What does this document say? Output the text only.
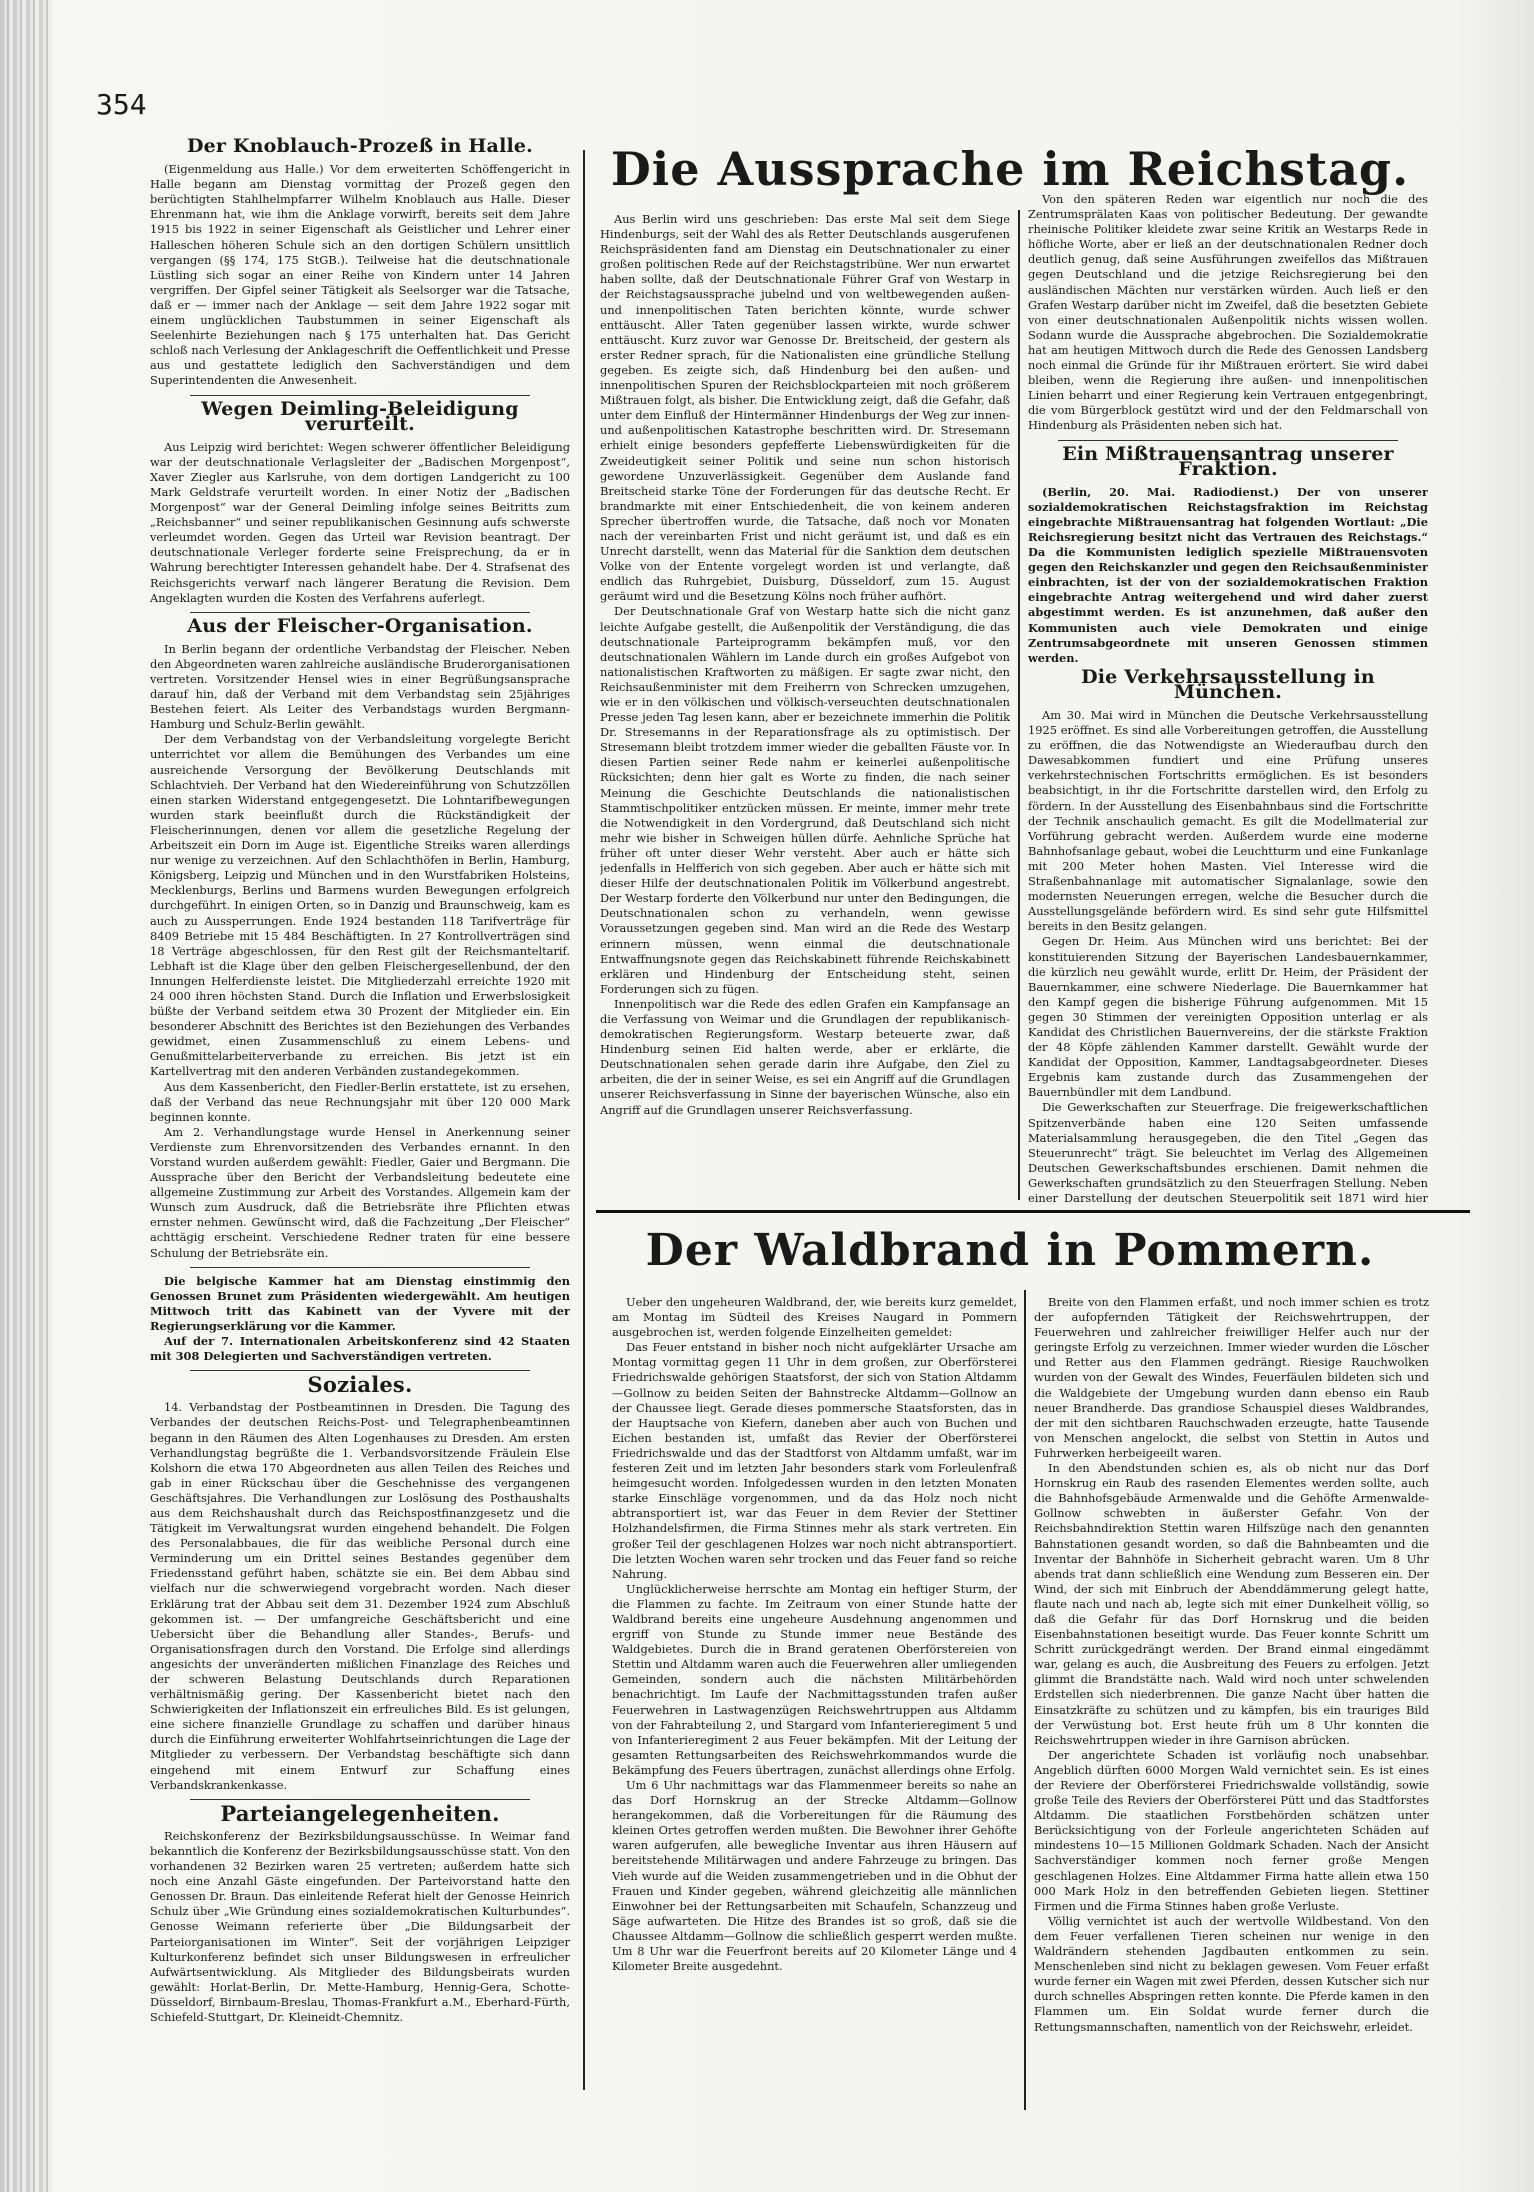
354
Der Knoblauch-Prozeß in Halle.

(Eigenmeldung aus Halle.) Vor dem erweiterten Schöffengericht in Halle begann am Dienstag vormittag der Prozeß gegen den berüchtigten Stahlhelmpfarrer Wilhelm Knoblauch aus Halle. Dieser Ehrenmann hat, wie ihm die Anklage vorwirft, bereits seit dem Jahre 1915 bis 1922 in seiner Eigenschaft als Geistlicher und Lehrer einer Halleschen höheren Schule sich an den dortigen Schülern unsittlich vergangen (§§ 174, 175 StGB.). Teilweise hat die deutschnationale Lüstling sich sogar an einer Reihe von Kindern unter 14 Jahren vergriffen. Der Gipfel seiner Tätigkeit als Seelsorger war die Tatsache, daß er — immer nach der Anklage — seit dem Jahre 1922 sogar mit einem unglücklichen Taubstummen in seiner Eigenschaft als Seelenhirte Beziehungen nach § 175 unterhalten hat. Das Gericht schloß nach Verlesung der Anklageschrift die Oeffentlichkeit und Presse aus und gestattete lediglich den Sachverständigen und dem Superintendenten die Anwesenheit.

Wegen Deimling-Beleidigung verurteilt.

Aus Leipzig wird berichtet: Wegen schwerer öffentlicher Beleidigung war der deutschnationale Verlagsleiter der „Badischen Morgenpost“, Xaver Ziegler aus Karlsruhe, von dem dortigen Landgericht zu 100 Mark Geldstrafe verurteilt worden. In einer Notiz der „Badischen Morgenpost“ war der General Deimling infolge seines Beitritts zum „Reichsbanner“ und seiner republikanischen Gesinnung aufs schwerste verleumdet worden. Gegen das Urteil war Revision beantragt. Der deutschnationale Verleger forderte seine Freisprechung, da er in Wahrung berechtigter Interessen gehandelt habe. Der 4. Strafsenat des Reichsgerichts verwarf nach längerer Beratung die Revision. Dem Angeklagten wurden die Kosten des Verfahrens auferlegt.

Aus der Fleischer-Organisation.

In Berlin begann der ordentliche Verbandstag der Fleischer. Neben den Abgeordneten waren zahlreiche ausländische Bruderorganisationen vertreten. Vorsitzender Hensel wies in einer Begrüßungsansprache darauf hin, daß der Verband mit dem Verbandstag sein 25jähriges Bestehen feiert. Als Leiter des Verbandstags wurden Bergmann-Hamburg und Schulz-Berlin gewählt.

Der dem Verbandstag von der Verbandsleitung vorgelegte Bericht unterrichtet vor allem die Bemühungen des Verbandes um eine ausreichende Versorgung der Bevölkerung Deutschlands mit Schlachtvieh. Der Verband hat den Wiedereinführung von Schutzzöllen einen starken Widerstand entgegengesetzt. Die Lohntarifbewegungen wurden stark beeinflußt durch die Rückständigkeit der Fleischerinnungen, denen vor allem die gesetzliche Regelung der Arbeitszeit ein Dorn im Auge ist. Eigentliche Streiks waren allerdings nur wenige zu verzeichnen. Auf den Schlachthöfen in Berlin, Hamburg, Königsberg, Leipzig und München und in den Wurstfabriken Holsteins, Mecklenburgs, Berlins und Barmens wurden Bewegungen erfolgreich durchgeführt. In einigen Orten, so in Danzig und Braunschweig, kam es auch zu Aussperrungen. Ende 1924 bestanden 118 Tarifverträge für 8409 Betriebe mit 15 484 Beschäftigten. In 27 Kontrollverträgen sind 18 Verträge abgeschlossen, für den Rest gilt der Reichsmanteltarif. Lebhaft ist die Klage über den gelben Fleischergesellenbund, der den Innungen Helferdienste leistet. Die Mitgliederzahl erreichte 1920 mit 24 000 ihren höchsten Stand. Durch die Inflation und Erwerbslosigkeit büßte der Verband seitdem etwa 30 Prozent der Mitglieder ein. Ein besonderer Abschnitt des Berichtes ist den Beziehungen des Verbandes gewidmet, einen Zusammenschluß zu einem Lebens- und Genußmittelarbeiterverbande zu erreichen. Bis jetzt ist ein Kartellvertrag mit den anderen Verbänden zustandegekommen.

Aus dem Kassenbericht, den Fiedler-Berlin erstattete, ist zu ersehen, daß der Verband das neue Rechnungsjahr mit über 120 000 Mark beginnen konnte.

Am 2. Verhandlungstage wurde Hensel in Anerkennung seiner Verdienste zum Ehrenvorsitzenden des Verbandes ernannt. In den Vorstand wurden außerdem gewählt: Fiedler, Gaier und Bergmann. Die Aussprache über den Bericht der Verbandsleitung bedeutete eine allgemeine Zustimmung zur Arbeit des Vorstandes. Allgemein kam der Wunsch zum Ausdruck, daß die Betriebsräte ihre Pflichten etwas ernster nehmen. Gewünscht wird, daß die Fachzeitung „Der Fleischer“ achttägig erscheint. Verschiedene Redner traten für eine bessere Schulung der Betriebsräte ein.

Die belgische Kammer hat am Dienstag einstimmig den Genossen Brunet zum Präsidenten wiedergewählt. Am heutigen Mittwoch tritt das Kabinett van der Vyvere mit der Regierungserklärung vor die Kammer.

Auf der 7. Internationalen Arbeitskonferenz sind 42 Staaten mit 308 Delegierten und Sachverständigen vertreten.

Soziales.

14. Verbandstag der Postbeamtinnen in Dresden. Die Tagung des Verbandes der deutschen Reichs-Post- und Telegraphenbeamtinnen begann in den Räumen des Alten Logenhauses zu Dresden. Am ersten Verhandlungstag begrüßte die 1. Verbandsvorsitzende Fräulein Else Kolshorn die etwa 170 Abgeordneten aus allen Teilen des Reiches und gab in einer Rückschau über die Geschehnisse des vergangenen Geschäftsjahres. Die Verhandlungen zur Loslösung des Posthaushalts aus dem Reichshaushalt durch das Reichspostfinanzgesetz und die Tätigkeit im Verwaltungsrat wurden eingehend behandelt. Die Folgen des Personalabbaues, die für das weibliche Personal durch eine Verminderung um ein Drittel seines Bestandes gegenüber dem Friedensstand geführt haben, schätzte sie ein. Bei dem Abbau sind vielfach nur die schwerwiegend vorgebracht worden. Nach dieser Erklärung trat der Abbau seit dem 31. Dezember 1924 zum Abschluß gekommen ist. — Der umfangreiche Geschäftsbericht und eine Uebersicht über die Behandlung aller Standes-, Berufs- und Organisationsfragen durch den Vorstand. Die Erfolge sind allerdings angesichts der unveränderten mißlichen Finanzlage des Reiches und der schweren Belastung Deutschlands durch Reparationen verhältnismäßig gering. Der Kassenbericht bietet nach den Schwierigkeiten der Inflationszeit ein erfreuliches Bild. Es ist gelungen, eine sichere finanzielle Grundlage zu schaffen und darüber hinaus durch die Einführung erweiterter Wohlfahrtseinrichtungen die Lage der Mitglieder zu verbessern. Der Verbandstag beschäftigte sich dann eingehend mit einem Entwurf zur Schaffung eines Verbandskrankenkasse.

Parteiangelegenheiten.

Reichskonferenz der Bezirksbildungsausschüsse. In Weimar fand bekanntlich die Konferenz der Bezirksbildungsausschüsse statt. Von den vorhandenen 32 Bezirken waren 25 vertreten; außerdem hatte sich noch eine Anzahl Gäste eingefunden. Der Parteivorstand hatte den Genossen Dr. Braun. Das einleitende Referat hielt der Genosse Heinrich Schulz über „Wie Gründung eines sozialdemokratischen Kulturbundes“. Genosse Weimann referierte über „Die Bildungsarbeit der Parteiorganisationen im Winter“. Seit der vorjährigen Leipziger Kulturkonferenz befindet sich unser Bildungswesen in erfreulicher Aufwärtsentwicklung. Als Mitglieder des Bildungsbeirats wurden gewählt: Horlat-Berlin, Dr. Mette-Hamburg, Hennig-Gera, Schotte-Düsseldorf, Birnbaum-Breslau, Thomas-Frankfurt a.M., Eberhard-Fürth, Schiefeld-Stuttgart, Dr. Kleineidt-Chemnitz.

Die Aussprache im Reichstag.

Aus Berlin wird uns geschrieben: Das erste Mal seit dem Siege Hindenburgs, seit der Wahl des als Retter Deutschlands ausgerufenen Reichspräsidenten fand am Dienstag ein Deutschnationaler zu einer großen politischen Rede auf der Reichstagstribüne. Wer nun erwartet haben sollte, daß der Deutschnationale Führer Graf von Westarp in der Reichstagsaussprache jubelnd und von weltbewegenden außen- und innenpolitischen Taten berichten könnte, wurde schwer enttäuscht. Aller Taten gegenüber lassen wirkte, wurde schwer enttäuscht. Kurz zuvor war Genosse Dr. Breitscheid, der gestern als erster Redner sprach, für die Nationalisten eine gründliche Stellung gegeben. Es zeigte sich, daß Hindenburg bei den außen- und innenpolitischen Spuren der Reichsblockparteien mit noch größerem Mißtrauen folgt, als bisher. Die Entwicklung zeigt, daß die Gefahr, daß unter dem Einfluß der Hintermänner Hindenburgs der Weg zur innen- und außenpolitischen Katastrophe beschritten wird. Dr. Stresemann erhielt einige besonders gepfefferte Liebenswürdigkeiten für die Zweideutigkeit seiner Politik und seine nun schon historisch gewordene Unzuverlässigkeit. Gegenüber dem Auslande fand Breitscheid starke Töne der Forderungen für das deutsche Recht. Er brandmarkte mit einer Entschiedenheit, die von keinem anderen Sprecher übertroffen wurde, die Tatsache, daß noch vor Monaten nach der vereinbarten Frist und nicht geräumt ist, und daß es ein Unrecht darstellt, wenn das Material für die Sanktion dem deutschen Volke von der Entente vorgelegt worden ist und verlangte, daß endlich das Ruhrgebiet, Duisburg, Düsseldorf, zum 15. August geräumt wird und die Besetzung Kölns noch früher aufhört.

Der Deutschnationale Graf von Westarp hatte sich die nicht ganz leichte Aufgabe gestellt, die Außenpolitik der Verständigung, die das deutschnationale Parteiprogramm bekämpfen muß, vor den deutschnationalen Wählern im Lande durch ein großes Aufgebot von nationalistischen Kraftworten zu mäßigen. Er sagte zwar nicht, den Reichsaußenminister mit dem Freiherrn von Schrecken umzugehen, wie er in den völkischen und völkisch-verseuchten deutschnationalen Presse jeden Tag lesen kann, aber er bezeichnete immerhin die Politik Dr. Stresemanns in der Reparationsfrage als zu optimistisch. Der Stresemann bleibt trotzdem immer wieder die geballten Fäuste vor. In diesen Partien seiner Rede nahm er keinerlei außenpolitische Rücksichten; denn hier galt es Worte zu finden, die nach seiner Meinung die Geschichte Deutschlands die nationalistischen Stammtischpolitiker entzücken müssen. Er meinte, immer mehr trete die Notwendigkeit in den Vordergrund, daß Deutschland sich nicht mehr wie bisher in Schweigen hüllen dürfe. Aehnliche Sprüche hat früher oft unter dieser Wehr versteht. Aber auch er hätte sich jedenfalls in Helfferich von sich gegeben. Aber auch er hätte sich mit dieser Hilfe der deutschnationalen Politik im Völkerbund angestrebt. Der Westarp forderte den Völkerbund nur unter den Bedingungen, die Deutschnationalen schon zu verhandeln, wenn gewisse Voraussetzungen gegeben sind. Man wird an die Rede des Westarp erinnern müssen, wenn einmal die deutschnationale Entwaffnungsnote gegen das Reichskabinett führende Reichskabinett erklären und Hindenburg der Entscheidung steht, seinen Forderungen sich zu fügen.

Innenpolitisch war die Rede des edlen Grafen ein Kampfansage an die Verfassung von Weimar und die Grundlagen der republikanisch-demokratischen Regierungsform. Westarp beteuerte zwar, daß Hindenburg seinen Eid halten werde, aber er erklärte, die Deutschnationalen sehen gerade darin ihre Aufgabe, den Ziel zu arbeiten, die der in seiner Weise, es sei ein Angriff auf die Grundlagen unserer Reichsverfassung in Sinne der bayerischen Wünsche, also ein Angriff auf die Grundlagen unserer Reichsverfassung.

Von den späteren Reden war eigentlich nur noch die des Zentrumsprälaten Kaas von politischer Bedeutung. Der gewandte rheinische Politiker kleidete zwar seine Kritik an Westarps Rede in höfliche Worte, aber er ließ an der deutschnationalen Redner doch deutlich genug, daß seine Ausführungen zweifellos das Mißtrauen gegen Deutschland und die jetzige Reichsregierung bei den ausländischen Mächten nur verstärken würden. Auch ließ er den Grafen Westarp darüber nicht im Zweifel, daß die besetzten Gebiete von einer deutschnationalen Außenpolitik nichts wissen wollen. Sodann wurde die Aussprache abgebrochen. Die Sozialdemokratie hat am heutigen Mittwoch durch die Rede des Genossen Landsberg noch einmal die Gründe für ihr Mißtrauen erörtert. Sie wird dabei bleiben, wenn die Regierung ihre außen- und innenpolitischen Linien beharrt und einer Regierung kein Vertrauen entgegenbringt, die vom Bürgerblock gestützt wird und der den Feldmarschall von Hindenburg als Präsidenten neben sich hat.

Ein Mißtrauensantrag unserer Fraktion.

(Berlin, 20. Mai. Radiodienst.) Der von unserer sozialdemokratischen Reichstagsfraktion im Reichstag eingebrachte Mißtrauensantrag hat folgenden Wortlaut: „Die Reichsregierung besitzt nicht das Vertrauen des Reichstags.“ Da die Kommunisten lediglich spezielle Mißtrauensvoten gegen den Reichskanzler und gegen den Reichsaußenminister einbrachten, ist der von der sozialdemokratischen Fraktion eingebrachte Antrag weitergehend und wird daher zuerst abgestimmt werden. Es ist anzunehmen, daß außer den Kommunisten auch viele Demokraten und einige Zentrumsabgeordnete mit unseren Genossen stimmen werden.

Die Verkehrsausstellung in München.

Am 30. Mai wird in München die Deutsche Verkehrsausstellung 1925 eröffnet. Es sind alle Vorbereitungen getroffen, die Ausstellung zu eröffnen, die das Notwendigste an Wiederaufbau durch den Dawesabkommen fundiert und eine Prüfung unseres verkehrstechnischen Fortschritts ermöglichen. Es ist besonders beabsichtigt, in ihr die Fortschritte darstellen wird, den Erfolg zu fördern. In der Ausstellung des Eisenbahnbaus sind die Fortschritte der Technik anschaulich gemacht. Es gilt die Modellmaterial zur Vorführung gebracht werden. Außerdem wurde eine moderne Bahnhofsanlage gebaut, wobei die Leuchtturm und eine Funkanlage mit 200 Meter hohen Masten. Viel Interesse wird die Straßenbahnanlage mit automatischer Signalanlage, sowie den modernsten Neuerungen erregen, welche die Besucher durch die Ausstellungsgelände befördern wird. Es sind sehr gute Hilfsmittel bereits in den Besitz gelangen.

Gegen Dr. Heim. Aus München wird uns berichtet: Bei der konstituierenden Sitzung der Bayerischen Landesbauernkammer, die kürzlich neu gewählt wurde, erlitt Dr. Heim, der Präsident der Bauernkammer, eine schwere Niederlage. Die Bauernkammer hat den Kampf gegen die bisherige Führung aufgenommen. Mit 15 gegen 30 Stimmen der vereinigten Opposition unterlag er als Kandidat des Christlichen Bauernvereins, der die stärkste Fraktion der 48 Köpfe zählenden Kammer darstellt. Gewählt wurde der Kandidat der Opposition, Kammer, Landtagsabgeordneter. Dieses Ergebnis kam zustande durch das Zusammengehen der Bauernbündler mit dem Landbund.

Die Gewerkschaften zur Steuerfrage. Die freigewerkschaftlichen Spitzenverbände haben eine 120 Seiten umfassende Materialsammlung herausgegeben, die den Titel „Gegen das Steuerunrecht“ trägt. Sie beleuchtet im Verlag des Allgemeinen Deutschen Gewerkschaftsbundes erschienen. Damit nehmen die Gewerkschaften grundsätzlich zu den Steuerfragen Stellung. Neben einer Darstellung der deutschen Steuerpolitik seit 1871 wird hier

Der Waldbrand in Pommern.

Ueber den ungeheuren Waldbrand, der, wie bereits kurz gemeldet, am Montag im Südteil des Kreises Naugard in Pommern ausgebrochen ist, werden folgende Einzelheiten gemeldet:

Das Feuer entstand in bisher noch nicht aufgeklärter Ursache am Montag vormittag gegen 11 Uhr in dem großen, zur Oberförsterei Friedrichswalde gehörigen Staatsforst, der sich von Station Altdamm—Gollnow zu beiden Seiten der Bahnstrecke Altdamm—Gollnow an der Chaussee liegt. Gerade dieses pommersche Staatsforsten, das in der Hauptsache von Kiefern, daneben aber auch von Buchen und Eichen bestanden ist, umfaßt das Revier der Oberförsterei Friedrichswalde und das der Stadtforst von Altdamm umfaßt, war im festeren Zeit und im letzten Jahr besonders stark vom Forleulenfraß heimgesucht worden. Infolgedessen wurden in den letzten Monaten starke Einschläge vorgenommen, und da das Holz noch nicht abtransportiert ist, war das Feuer in dem Revier der Stettiner Holzhandelsfirmen, die Firma Stinnes mehr als stark vertreten. Ein großer Teil der geschlagenen Holzes war noch nicht abtransportiert. Die letzten Wochen waren sehr trocken und das Feuer fand so reiche Nahrung.

Unglücklicherweise herrschte am Montag ein heftiger Sturm, der die Flammen zu fachte. Im Zeitraum von einer Stunde hatte der Waldbrand bereits eine ungeheure Ausdehnung angenommen und ergriff von Stunde zu Stunde immer neue Bestände des Waldgebietes. Durch die in Brand geratenen Oberförstereien von Stettin und Altdamm waren auch die Feuerwehren aller umliegenden Gemeinden, sondern auch die nächsten Militärbehörden benachrichtigt. Im Laufe der Nachmittagsstunden trafen außer Feuerwehren in Lastwagenzügen Reichswehrtruppen aus Altdamm von der Fahrabteilung 2, und Stargard vom Infanterieregiment 5 und von Infanterieregiment 2 aus Feuer bekämpfen. Mit der Leitung der gesamten Rettungsarbeiten des Reichswehrkommandos wurde die Bekämpfung des Feuers übertragen, zunächst allerdings ohne Erfolg.

Um 6 Uhr nachmittags war das Flammenmeer bereits so nahe an das Dorf Hornskrug an der Strecke Altdamm—Gollnow herangekommen, daß die Vorbereitungen für die Räumung des kleinen Ortes getroffen werden mußten. Die Bewohner ihrer Gehöfte waren aufgerufen, alle bewegliche Inventar aus ihren Häusern auf bereitstehende Militärwagen und andere Fahrzeuge zu bringen. Das Vieh wurde auf die Weiden zusammengetrieben und in die Obhut der Frauen und Kinder gegeben, während gleichzeitig alle männlichen Einwohner bei der Rettungsarbeiten mit Schaufeln, Schanzzeug und Säge aufwarteten. Die Hitze des Brandes ist so groß, daß sie die Chaussee Altdamm—Gollnow die schließlich gesperrt werden mußte. Um 8 Uhr war die Feuerfront bereits auf 20 Kilometer Länge und 4 Kilometer Breite ausgedehnt.

Breite von den Flammen erfaßt, und noch immer schien es trotz der aufopfernden Tätigkeit der Reichswehrtruppen, der Feuerwehren und zahlreicher freiwilliger Helfer auch nur der geringste Erfolg zu verzeichnen. Immer wieder wurden die Löscher und Retter aus den Flammen gedrängt. Riesige Rauchwolken wurden von der Gewalt des Windes, Feuerfäulen bildeten sich und die Waldgebiete der Umgebung wurden dann ebenso ein Raub neuer Brandherde. Das grandiose Schauspiel dieses Waldbrandes, der mit den sichtbaren Rauchschwaden erzeugte, hatte Tausende von Menschen angelockt, die selbst von Stettin in Autos und Fuhrwerken herbeigeeilt waren.

In den Abendstunden schien es, als ob nicht nur das Dorf Hornskrug ein Raub des rasenden Elementes werden sollte, auch die Bahnhofsgebäude Armenwalde und die Gehöfte Armenwalde-Gollnow schwebten in äußerster Gefahr. Von der Reichsbahndirektion Stettin waren Hilfszüge nach den genannten Bahnstationen gesandt worden, so daß die Bahnbeamten und die Inventar der Bahnhöfe in Sicherheit gebracht waren. Um 8 Uhr abends trat dann schließlich eine Wendung zum Besseren ein. Der Wind, der sich mit Einbruch der Abenddämmerung gelegt hatte, flaute nach und nach ab, legte sich mit einer Dunkelheit völlig, so daß die Gefahr für das Dorf Hornskrug und die beiden Eisenbahnstationen beseitigt wurde. Das Feuer konnte Schritt um Schritt zurückgedrängt werden. Der Brand einmal eingedämmt war, gelang es auch, die Ausbreitung des Feuers zu erfolgen. Jetzt glimmt die Brandstätte nach. Wald wird noch unter schwelenden Erdstellen sich niederbrennen. Die ganze Nacht über hatten die Einsatzkräfte zu schützen und zu kämpfen, bis ein trauriges Bild der Verwüstung bot. Erst heute früh um 8 Uhr konnten die Reichswehrtruppen wieder in ihre Garnison abrücken.

Der angerichtete Schaden ist vorläufig noch unabsehbar. Angeblich dürften 6000 Morgen Wald vernichtet sein. Es ist eines der Reviere der Oberförsterei Friedrichswalde vollständig, sowie große Teile des Reviers der Oberförsterei Pütt und das Stadtforstes Altdamm. Die staatlichen Forstbehörden schätzen unter Berücksichtigung von der Forleule angerichteten Schäden auf mindestens 10—15 Millionen Goldmark Schaden. Nach der Ansicht Sachverständiger kommen noch ferner große Mengen geschlagenen Holzes. Eine Altdammer Firma hatte allein etwa 150 000 Mark Holz in den betreffenden Gebieten liegen. Stettiner Firmen und die Firma Stinnes haben große Verluste.

Völlig vernichtet ist auch der wertvolle Wildbestand. Von den dem Feuer verfallenen Tieren scheinen nur wenige in den Waldrändern stehenden Jagdbauten entkommen zu sein. Menschenleben sind nicht zu beklagen gewesen. Vom Feuer erfaßt wurde ferner ein Wagen mit zwei Pferden, dessen Kutscher sich nur durch schnelles Abspringen retten konnte. Die Pferde kamen in den Flammen um. Ein Soldat wurde ferner durch die Rettungsmannschaften, namentlich von der Reichswehr, erleidet.
